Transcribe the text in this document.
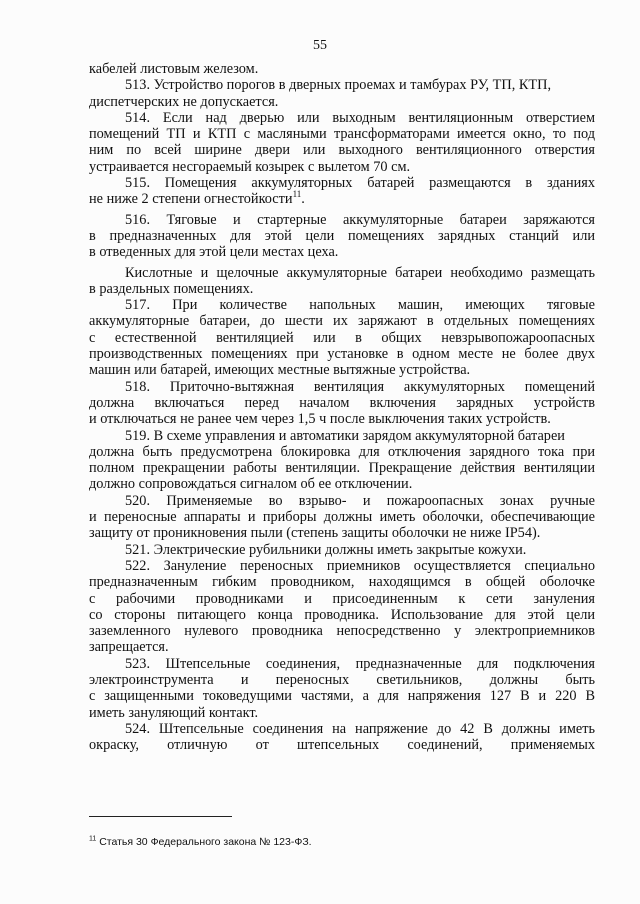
55
кабелей листовым железом.
513. Устройство порогов в дверных проемах и тамбурах РУ, ТП, КТП,
диспетчерских не допускается.
514. Если над дверью или выходным вентиляционным отверстием
помещений ТП и КТП с масляными трансформаторами имеется окно, то под
ним по всей ширине двери или выходного вентиляционного отверстия
устраивается несгораемый козырек с вылетом 70 см.
515. Помещения аккумуляторных батарей размещаются в зданиях
не ниже 2 степени огнестойкости$^{11}$.
516. Тяговые и стартерные аккумуляторные батареи заряжаются
в предназначенных для этой цели помещениях зарядных станций или
в отведенных для этой цели местах цеха.
Кислотные и щелочные аккумуляторные батареи необходимо размещать
в раздельных помещениях.
517. При количестве напольных машин, имеющих тяговые
аккумуляторные батареи, до шести их заряжают в отдельных помещениях
с естественной вентиляцией или в общих невзрывопожароопасных
производственных помещениях при установке в одном месте не более двух
машин или батарей, имеющих местные вытяжные устройства.
518. Приточно-вытяжная вентиляция аккумуляторных помещений
должна включаться перед началом включения зарядных устройств
и отключаться не ранее чем через 1,5 ч после выключения таких устройств.
519. В схеме управления и автоматики зарядом аккумуляторной батареи
должна быть предусмотрена блокировка для отключения зарядного тока при
полном прекращении работы вентиляции. Прекращение действия вентиляции
должно сопровождаться сигналом об ее отключении.
520. Применяемые во взрыво- и пожароопасных зонах ручные
и переносные аппараты и приборы должны иметь оболочки, обеспечивающие
защиту от проникновения пыли (степень защиты оболочки не ниже IP54).
521. Электрические рубильники должны иметь закрытые кожухи.
522. Зануление переносных приемников осуществляется специально
предназначенным гибким проводником, находящимся в общей оболочке
с рабочими проводниками и присоединенным к сети зануления
со стороны питающего конца проводника. Использование для этой цели
заземленного нулевого проводника непосредственно у электроприемников
запрещается.
523. Штепсельные соединения, предназначенные для подключения
электроинструмента и переносных светильников, должны быть
с защищенными токоведущими частями, а для напряжения 127 В и 220 В
иметь зануляющий контакт.
524. Штепсельные соединения на напряжение до 42 В должны иметь
окраску, отличную от штепсельных соединений, применяемых
$^{11}$ Статья 30 Федерального закона № 123-ФЗ.
